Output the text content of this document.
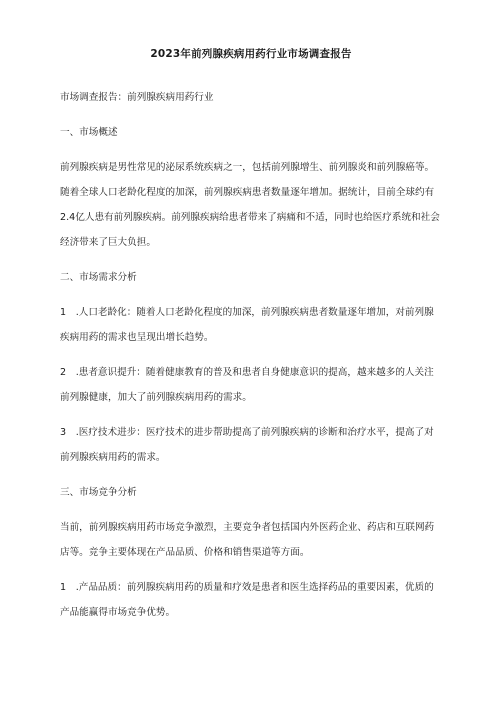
2023年前列腺疾病用药行业市场调查报告
市场调查报告：前列腺疾病用药行业
一、市场概述
前列腺疾病是男性常见的泌尿系统疾病之一，包括前列腺增生、前列腺炎和前列腺癌等。随着全球人口老龄化程度的加深，前列腺疾病患者数量逐年增加。据统计，目前全球约有2.4亿人患有前列腺疾病。前列腺疾病给患者带来了病痛和不适，同时也给医疗系统和社会经济带来了巨大负担。
二、市场需求分析
1　.人口老龄化：随着人口老龄化程度的加深，前列腺疾病患者数量逐年增加，对前列腺疾病用药的需求也呈现出增长趋势。
2　.患者意识提升：随着健康教育的普及和患者自身健康意识的提高，越来越多的人关注前列腺健康，加大了前列腺疾病用药的需求。
3　.医疗技术进步：医疗技术的进步帮助提高了前列腺疾病的诊断和治疗水平，提高了对前列腺疾病用药的需求。
三、市场竞争分析
当前，前列腺疾病用药市场竞争激烈，主要竞争者包括国内外医药企业、药店和互联网药店等。竞争主要体现在产品品质、价格和销售渠道等方面。
1　.产品品质：前列腺疾病用药的质量和疗效是患者和医生选择药品的重要因素，优质的产品能赢得市场竞争优势。
